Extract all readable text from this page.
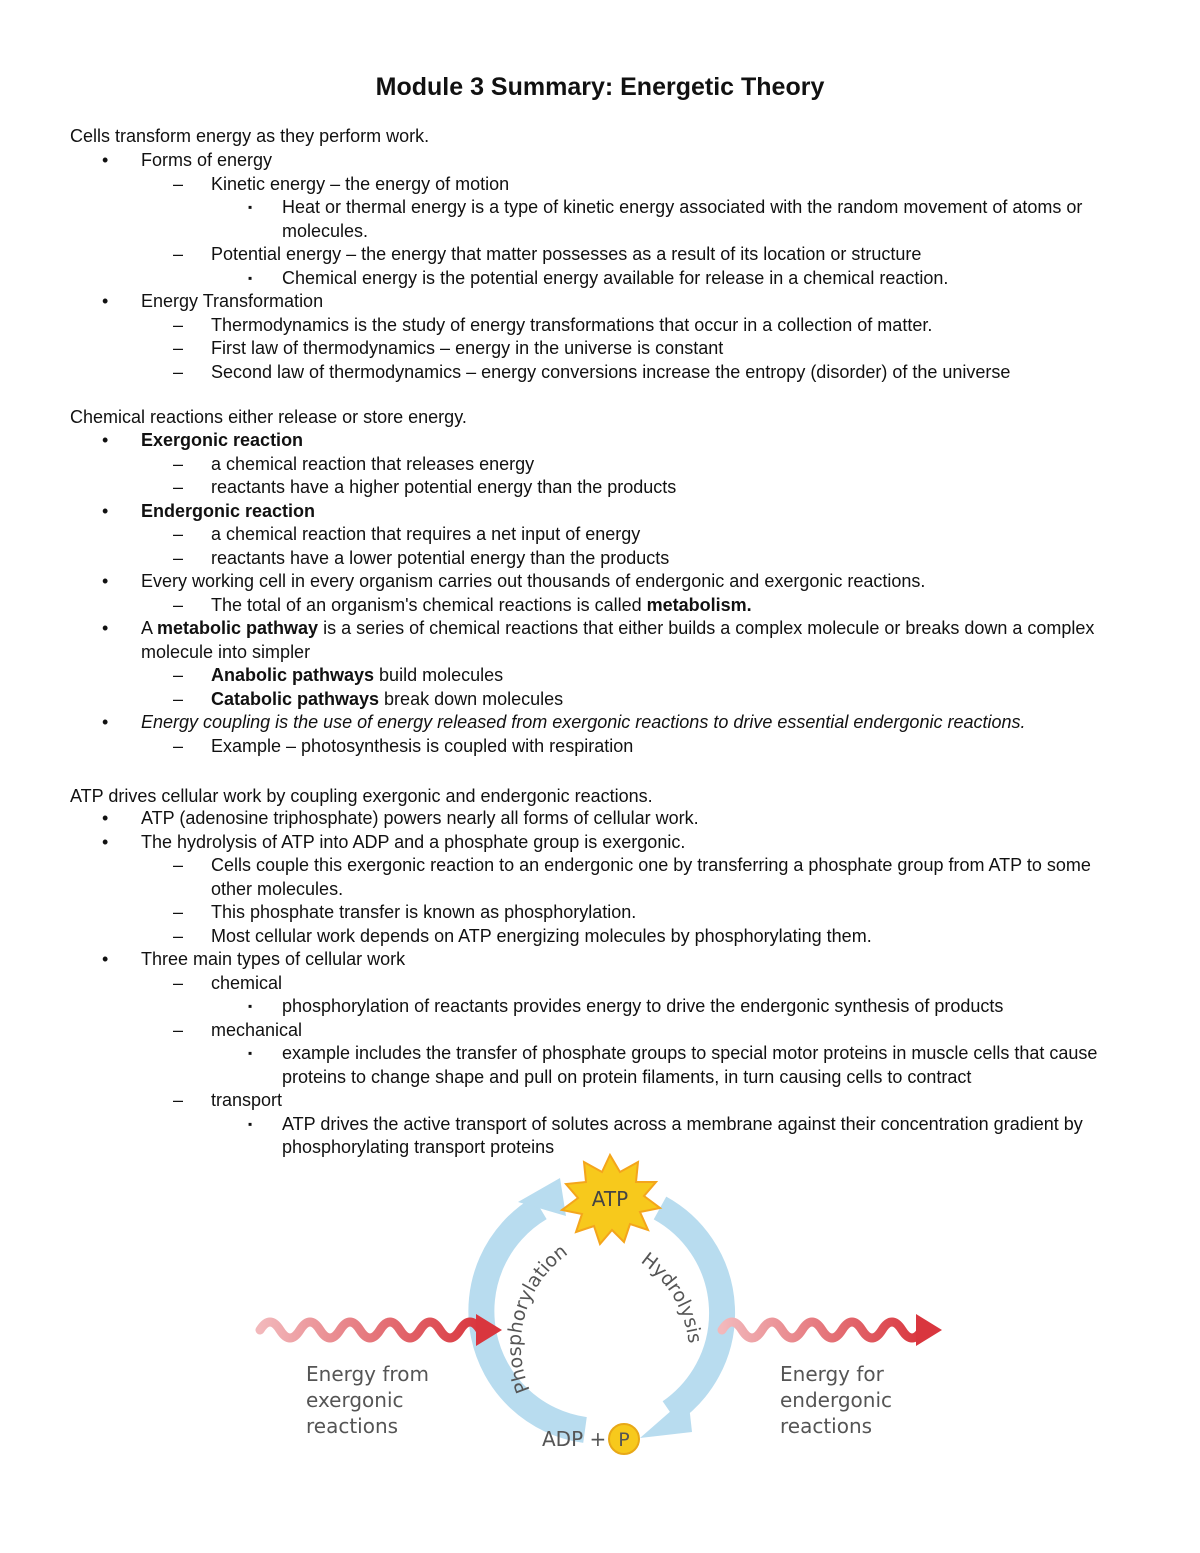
Module 3 Summary: Energetic Theory

Cells transform energy as they perform work.

• Forms of energy
– Kinetic energy – the energy of motion
▪ Heat or thermal energy is a type of kinetic energy associated with the random movement of atoms or molecules.
– Potential energy – the energy that matter possesses as a result of its location or structure
▪ Chemical energy is the potential energy available for release in a chemical reaction.
• Energy Transformation
– Thermodynamics is the study of energy transformations that occur in a collection of matter.
– First law of thermodynamics – energy in the universe is constant
– Second law of thermodynamics – energy conversions increase the entropy (disorder) of the universe

Chemical reactions either release or store energy.

• Exergonic reaction
– a chemical reaction that releases energy
– reactants have a higher potential energy than the products
• Endergonic reaction
– a chemical reaction that requires a net input of energy
– reactants have a lower potential energy than the products
• Every working cell in every organism carries out thousands of endergonic and exergonic reactions.
– The total of an organism's chemical reactions is called metabolism.
• A metabolic pathway is a series of chemical reactions that either builds a complex molecule or breaks down a complex molecule into simpler
– Anabolic pathways build molecules
– Catabolic pathways break down molecules
• Energy coupling is the use of energy released from exergonic reactions to drive essential endergonic reactions.
– Example – photosynthesis is coupled with respiration

ATP drives cellular work by coupling exergonic and endergonic reactions.

• ATP (adenosine triphosphate) powers nearly all forms of cellular work.
• The hydrolysis of ATP into ADP and a phosphate group is exergonic.
– Cells couple this exergonic reaction to an endergonic one by transferring a phosphate group from ATP to some other molecules.
– This phosphate transfer is known as phosphorylation.
– Most cellular work depends on ATP energizing molecules by phosphorylating them.
• Three main types of cellular work
– chemical
▪ phosphorylation of reactants provides energy to drive the endergonic synthesis of products
– mechanical
▪ example includes the transfer of phosphate groups to special motor proteins in muscle cells that cause proteins to change shape and pull on protein filaments, in turn causing cells to contract
– transport
▪ ATP drives the active transport of solutes across a membrane against their concentration gradient by phosphorylating transport proteins
ATP
Phosphorylation	Hydrolysis
ADP + P
Energy from
exergonic
reactions
Energy for
endergonic
reactions
